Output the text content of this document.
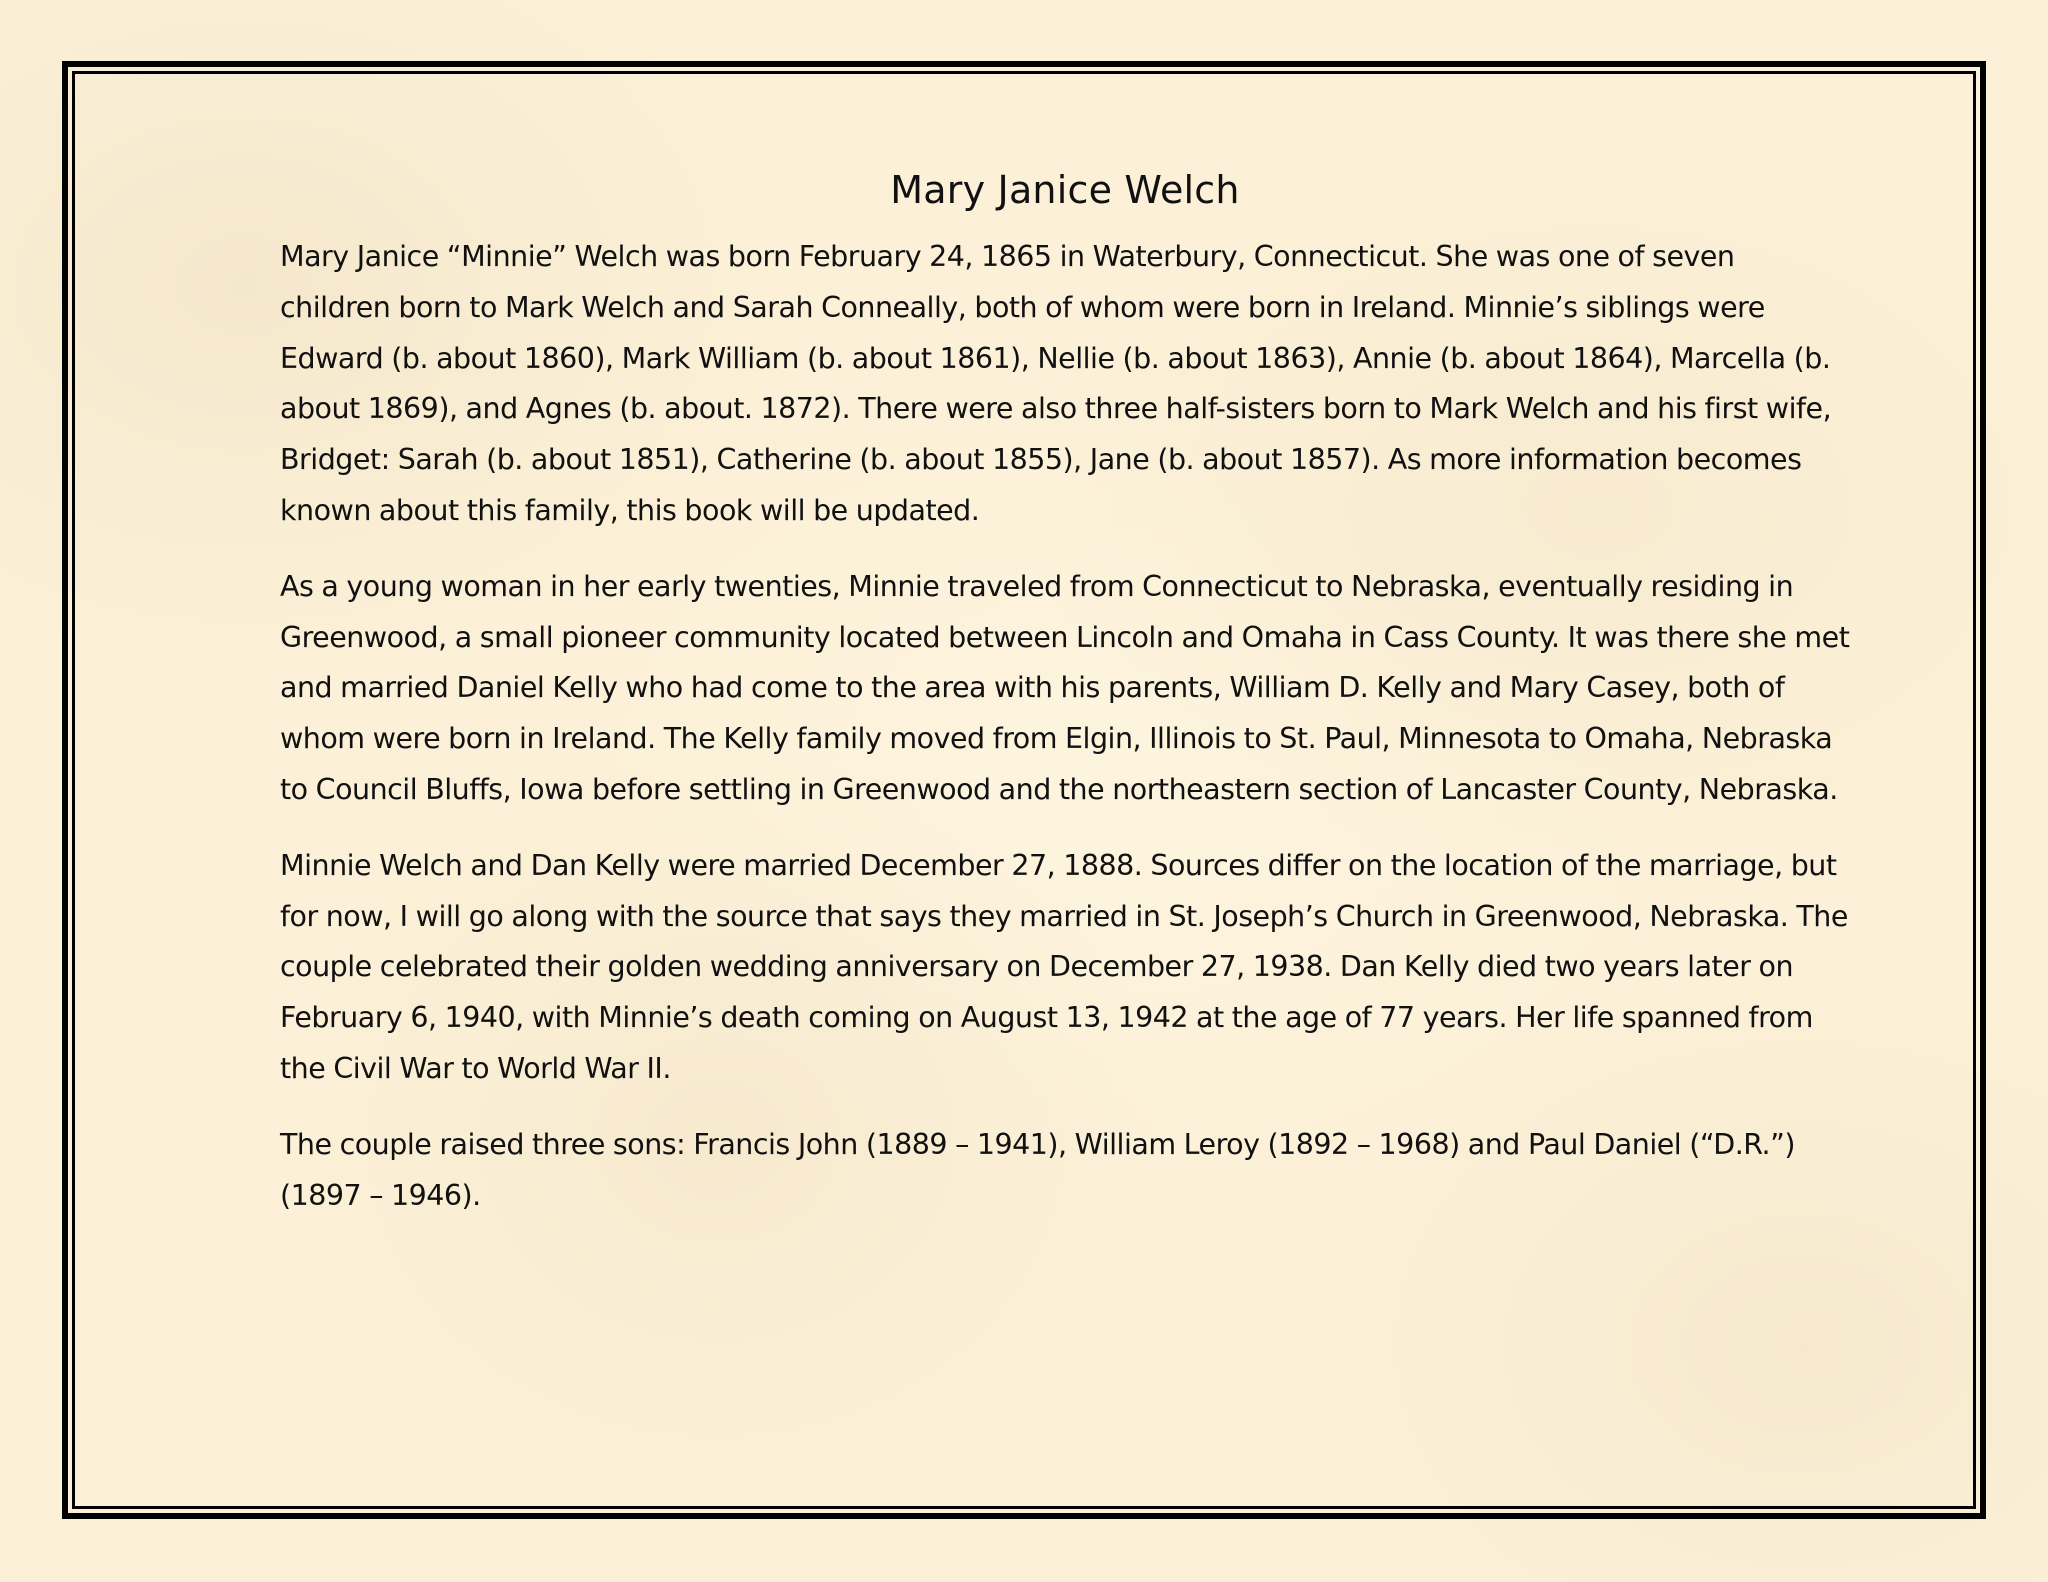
Mary Janice Welch

Mary Janice “Minnie” Welch was born February 24, 1865 in Waterbury, Connecticut. She was one of seven children born to Mark Welch and Sarah Conneally, both of whom were born in Ireland. Minnie’s siblings were Edward (b. about 1860), Mark William (b. about 1861), Nellie (b. about 1863), Annie (b. about 1864), Marcella (b. about 1869), and Agnes (b. about. 1872). There were also three half-sisters born to Mark Welch and his first wife, Bridget: Sarah (b. about 1851), Catherine (b. about 1855), Jane (b. about 1857). As more information becomes known about this family, this book will be updated.

As a young woman in her early twenties, Minnie traveled from Connecticut to Nebraska, eventually residing in Greenwood, a small pioneer community located between Lincoln and Omaha in Cass County. It was there she met and married Daniel Kelly who had come to the area with his parents, William D. Kelly and Mary Casey, both of whom were born in Ireland. The Kelly family moved from Elgin, Illinois to St. Paul, Minnesota to Omaha, Nebraska to Council Bluffs, Iowa before settling in Greenwood and the northeastern section of Lancaster County, Nebraska.

Minnie Welch and Dan Kelly were married December 27, 1888. Sources differ on the location of the marriage, but for now, I will go along with the source that says they married in St. Joseph’s Church in Greenwood, Nebraska. The couple celebrated their golden wedding anniversary on December 27, 1938. Dan Kelly died two years later on February 6, 1940, with Minnie’s death coming on August 13, 1942 at the age of 77 years. Her life spanned from the Civil War to World War II.

The couple raised three sons: Francis John (1889 – 1941), William Leroy (1892 – 1968) and Paul Daniel (“D.R.”) (1897 – 1946).
